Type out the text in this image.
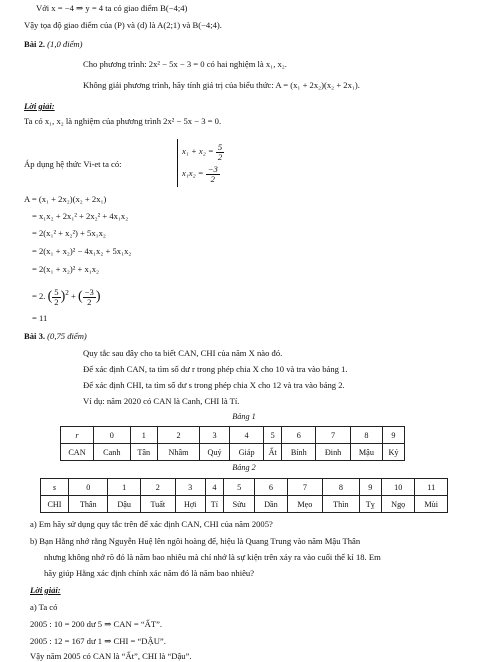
Với x = −4 ⇒ y = 4 ta có giao điểm B(−4;4)
Vậy tọa độ giao điểm của (P) và (d) là A(2;1) và B(−4;4).
Bài 2. (1,0 điểm)
Cho phương trình: 2x² − 5x − 3 = 0 có hai nghiệm là x₁, x₂.
Không giải phương trình, hãy tính giá trị của biểu thức: A = (x₁ + 2x₂)(x₂ + 2x₁).
Lời giải:
Ta có x₁, x₂ là nghiệm của phương trình 2x² − 5x − 3 = 0.
Áp dụng hệ thức Vi-et ta có:
$x_1 + x_2 = \frac{5}{2}$
$x_1x_2 = \frac{-3}{2}$
A = (x₁ + 2x₂)(x₂ + 2x₁)
= x₁x₂ + 2x₁² + 2x₂² + 4x₁x₂
= 2(x₁² + x₂²) + 5x₁x₂
= 2(x₁ + x₂)² − 4x₁x₂ + 5x₁x₂
= 2(x₁ + x₂)² + x₁x₂
= 2. ( $\frac{5}{2} )^2$ + ( $\frac{-3}{2}$ )
= 11
Bài 3. (0,75 điểm)
Quy tắc sau đây cho ta biết CAN, CHI của năm X nào đó.
Để xác định CAN, ta tìm số dư r trong phép chia X cho 10 và tra vào bảng 1.
Để xác định CHI, ta tìm số dư s trong phép chia X cho 12 và tra vào bảng 2.
Ví dụ: năm 2020 có CAN là Canh, CHI là Tí.
Bảng 1
r	0	1	2	3	4	5	6	7	8	9
CAN	Canh	Tân	Nhâm	Quý	Giáp	Ất	Bính	Đinh	Mậu	Kỷ
Bảng 2
s	0	1	2	3	4	5	6	7	8	9	10	11
CHI	Thân	Dậu	Tuất	Hợi	Tí	Sửu	Dần	Mẹo	Thìn	Tỵ	Ngọ	Mùi
a) Em hãy sử dụng quy tắc trên để xác định CAN, CHI của năm 2005?
b) Bạn Hằng nhớ rằng Nguyễn Huệ lên ngôi hoàng đế, hiệu là Quang Trung vào năm Mậu Thân
nhưng không nhớ rõ đó là năm bao nhiêu mà chỉ nhớ là sự kiện trên xảy ra vào cuối thế kỉ 18. Em
hãy giúp Hằng xác định chính xác năm đó là năm bao nhiêu?
Lời giải:
a) Ta có
2005 : 10 = 200 dư 5 ⇒ CAN = “ẤT”.
2005 : 12 = 167 dư 1 ⇒ CHI = “DẬU”.
Vậy năm 2005 có CAN là “Ất”, CHI là “Dậu”.
